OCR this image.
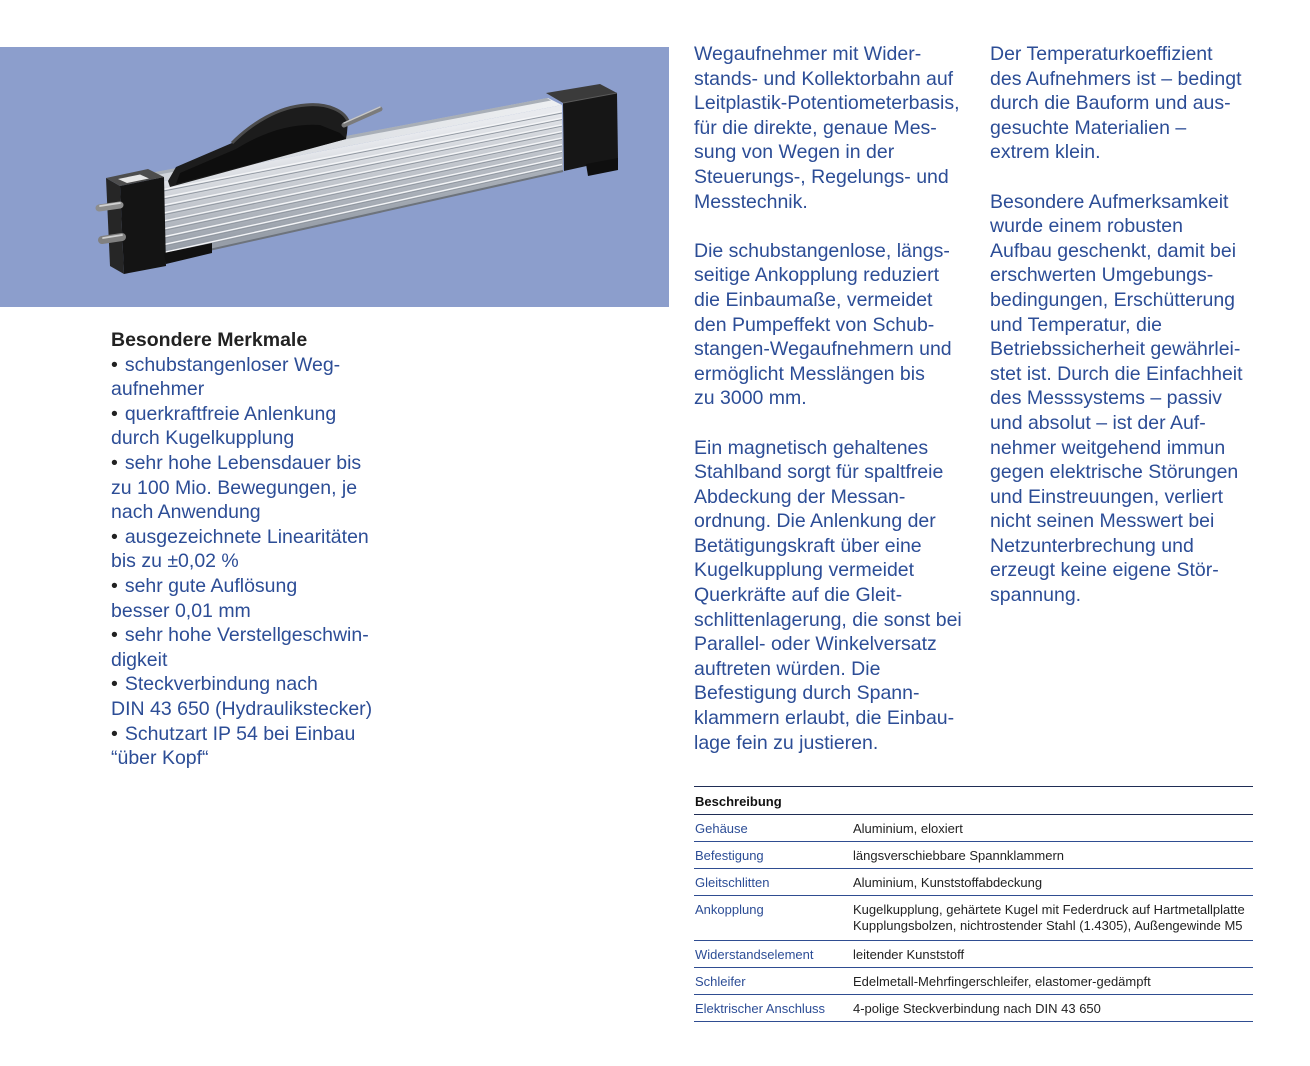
Besondere Merkmale
• schubstangenloser Weg-
aufnehmer
• querkraftfreie Anlenkung
durch Kugelkupplung
• sehr hohe Lebensdauer bis
zu 100 Mio. Bewegungen, je
nach Anwendung
• ausgezeichnete Linearitäten
bis zu ±0,02 %
• sehr gute Auflösung
besser 0,01 mm
• sehr hohe Verstellgeschwin-
digkeit
• Steckverbindung nach
DIN 43 650 (Hydraulikstecker)
• Schutzart IP 54 bei Einbau
“über Kopf“

Wegaufnehmer mit Wider-
stands- und Kollektorbahn auf
Leitplastik-Potentiometerbasis,
für die direkte, genaue Mes-
sung von Wegen in der
Steuerungs-, Regelungs- und
Messtechnik.

Die schubstangenlose, längs-
seitige Ankopplung reduziert
die Einbaumaße, vermeidet
den Pumpeffekt von Schub-
stangen-Wegaufnehmern und
ermöglicht Messlängen bis
zu 3000 mm.

Ein magnetisch gehaltenes
Stahlband sorgt für spaltfreie
Abdeckung der Messan-
ordnung. Die Anlenkung der
Betätigungskraft über eine
Kugelkupplung vermeidet
Querkräfte auf die Gleit-
schlittenlagerung, die sonst bei
Parallel- oder Winkelversatz
auftreten würden. Die
Befestigung durch Spann-
klammern erlaubt, die Einbau-
lage fein zu justieren.

Der Temperaturkoeffizient
des Aufnehmers ist – bedingt
durch die Bauform und aus-
gesuchte Materialien –
extrem klein.

Besondere Aufmerksamkeit
wurde einem robusten
Aufbau geschenkt, damit bei
erschwerten Umgebungs-
bedingungen, Erschütterung
und Temperatur, die
Betriebssicherheit gewährlei-
stet ist. Durch die Einfachheit
des Messsystems – passiv
und absolut – ist der Auf-
nehmer weitgehend immun
gegen elektrische Störungen
und Einstreuungen, verliert
nicht seinen Messwert bei
Netzunterbrechung und
erzeugt keine eigene Stör-
spannung.

Beschreibung
Gehäuse	Aluminium, eloxiert
Befestigung	längsverschiebbare Spannklammern
Gleitschlitten	Aluminium, Kunststoffabdeckung
Ankopplung	Kugelkupplung, gehärtete Kugel mit Federdruck auf Hartmetallplatte
Kupplungsbolzen, nichtrostender Stahl (1.4305), Außengewinde M5
Widerstandselement	leitender Kunststoff
Schleifer	Edelmetall-Mehrfingerschleifer, elastomer-gedämpft
Elektrischer Anschluss	4-polige Steckverbindung nach DIN 43 650
